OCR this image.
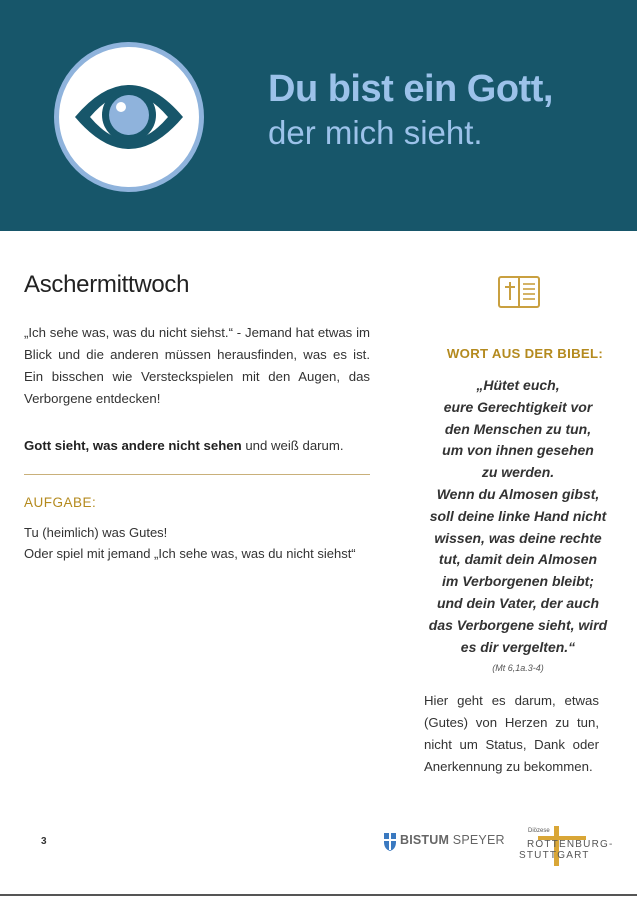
Du bist ein Gott,
der mich sieht.
Aschermittwoch

„Ich sehe was, was du nicht siehst.“ - Jemand hat etwas im Blick und die anderen müssen herausfinden, was es ist. Ein bisschen wie Versteckspielen mit den Augen, das Verborgene entdecken!

Gott sieht, was andere nicht sehen und weiß darum.

AUFGABE:

Tu (heimlich) was Gutes!
Oder spiel mit jemand „Ich sehe was, was du nicht siehst“

WORT AUS DER BIBEL:

„Hütet euch,
eure Gerechtigkeit vor
den Menschen zu tun,
um von ihnen gesehen
zu werden.
Wenn du Almosen gibst,
soll deine linke Hand nicht
wissen, was deine rechte
tut, damit dein Almosen
im Verborgenen bleibt;
und dein Vater, der auch
das Verborgene sieht, wird
es dir vergelten.“

(Mt 6,1a.3-4)

Hier geht es darum, etwas (Gutes) von Herzen zu tun, nicht um Status, Dank oder Anerkennung zu bekommen.

3	BISTUM SPEYER
Diözese
ROTTENBURG-
STUTTGART
